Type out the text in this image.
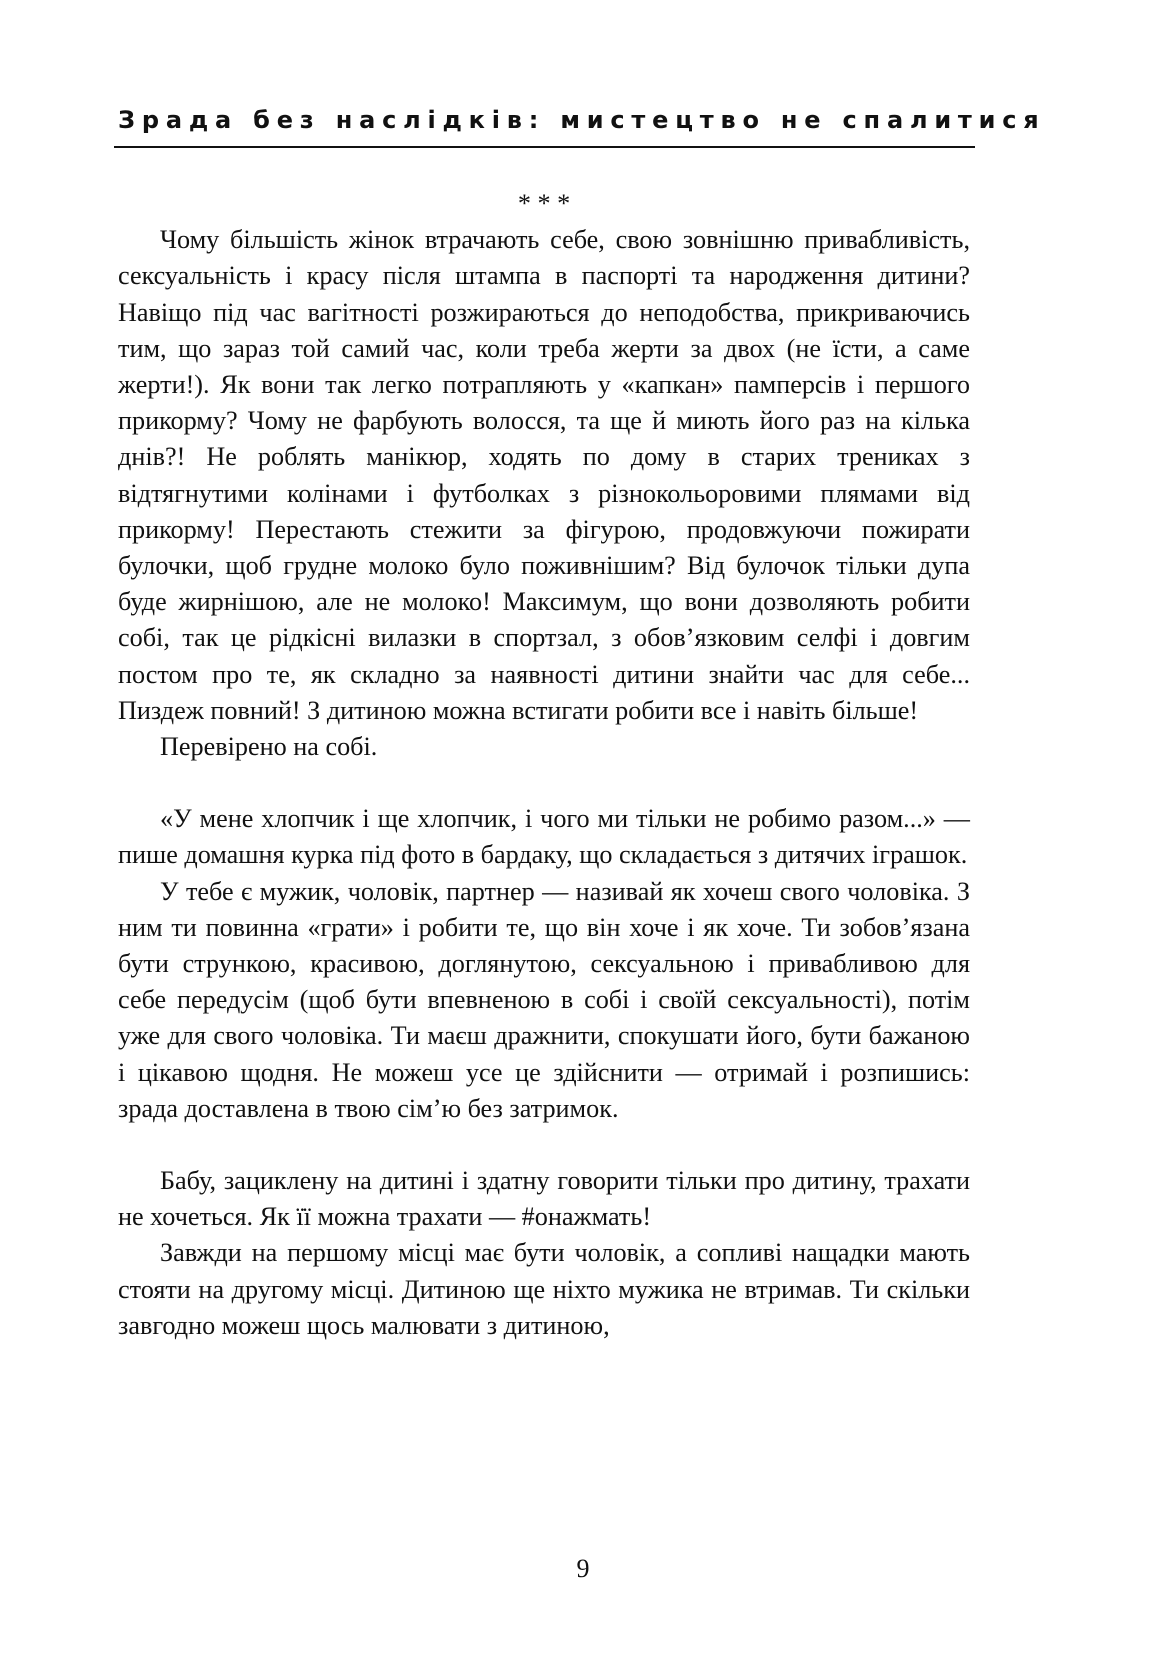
Зрада без наслідків: мистецтво не спалитися

* * *

Чому більшість жінок втрачають себе, свою зовнішню привабливість, сексуальність і красу після штампа в паспорті та народження дитини? Навіщо під час вагітності розжираються до неподобства, прикриваючись тим, що зараз той самий час, коли треба жерти за двох (не їсти, а саме жерти!). Як вони так легко потрапляють у «капкан» памперсів і першого прикорму? Чому не фарбують волосся, та ще й миють його раз на кілька днів?! Не роблять манікюр, ходять по дому в старих трениках з відтягнутими колінами і футболках з різнокольоровими плямами від прикорму! Перестають стежити за фігурою, продовжуючи пожирати булочки, щоб грудне молоко було поживнішим? Від булочок тільки дупа буде жирнішою, але не молоко! Максимум, що вони дозволяють робити собі, так це рідкісні вилазки в спортзал, з обов’язковим селфі і довгим постом про те, як складно за наявності дитини знайти час для себе... Пиздеж повний! З дитиною можна встигати робити все і навіть більше!

Перевірено на собі.

«У мене хлопчик і ще хлопчик, і чого ми тільки не робимо разом...» — пише домашня курка під фото в бардаку, що складається з дитячих іграшок.

У тебе є мужик, чоловік, партнер — називай як хочеш свого чоловіка. З ним ти повинна «грати» і робити те, що він хоче і як хоче. Ти зобов’язана бути стрункою, красивою, доглянутою, сексуальною і привабливою для себе передусім (щоб бути впевненою в собі і своїй сексуальності), потім уже для свого чоловіка. Ти маєш дражнити, спокушати його, бути бажаною і цікавою щодня. Не можеш усе це здійснити — отримай і розпишись: зрада доставлена в твою сім’ю без затримок.

Бабу, зациклену на дитині і здатну говорити тільки про дитину, трахати не хочеться. Як її можна трахати — #онажмать!

Завжди на першому місці має бути чоловік, а сопливі нащадки мають стояти на другому місці. Дитиною ще ніхто мужика не втримав. Ти скільки завгодно можеш щось малювати з дитиною,

9
